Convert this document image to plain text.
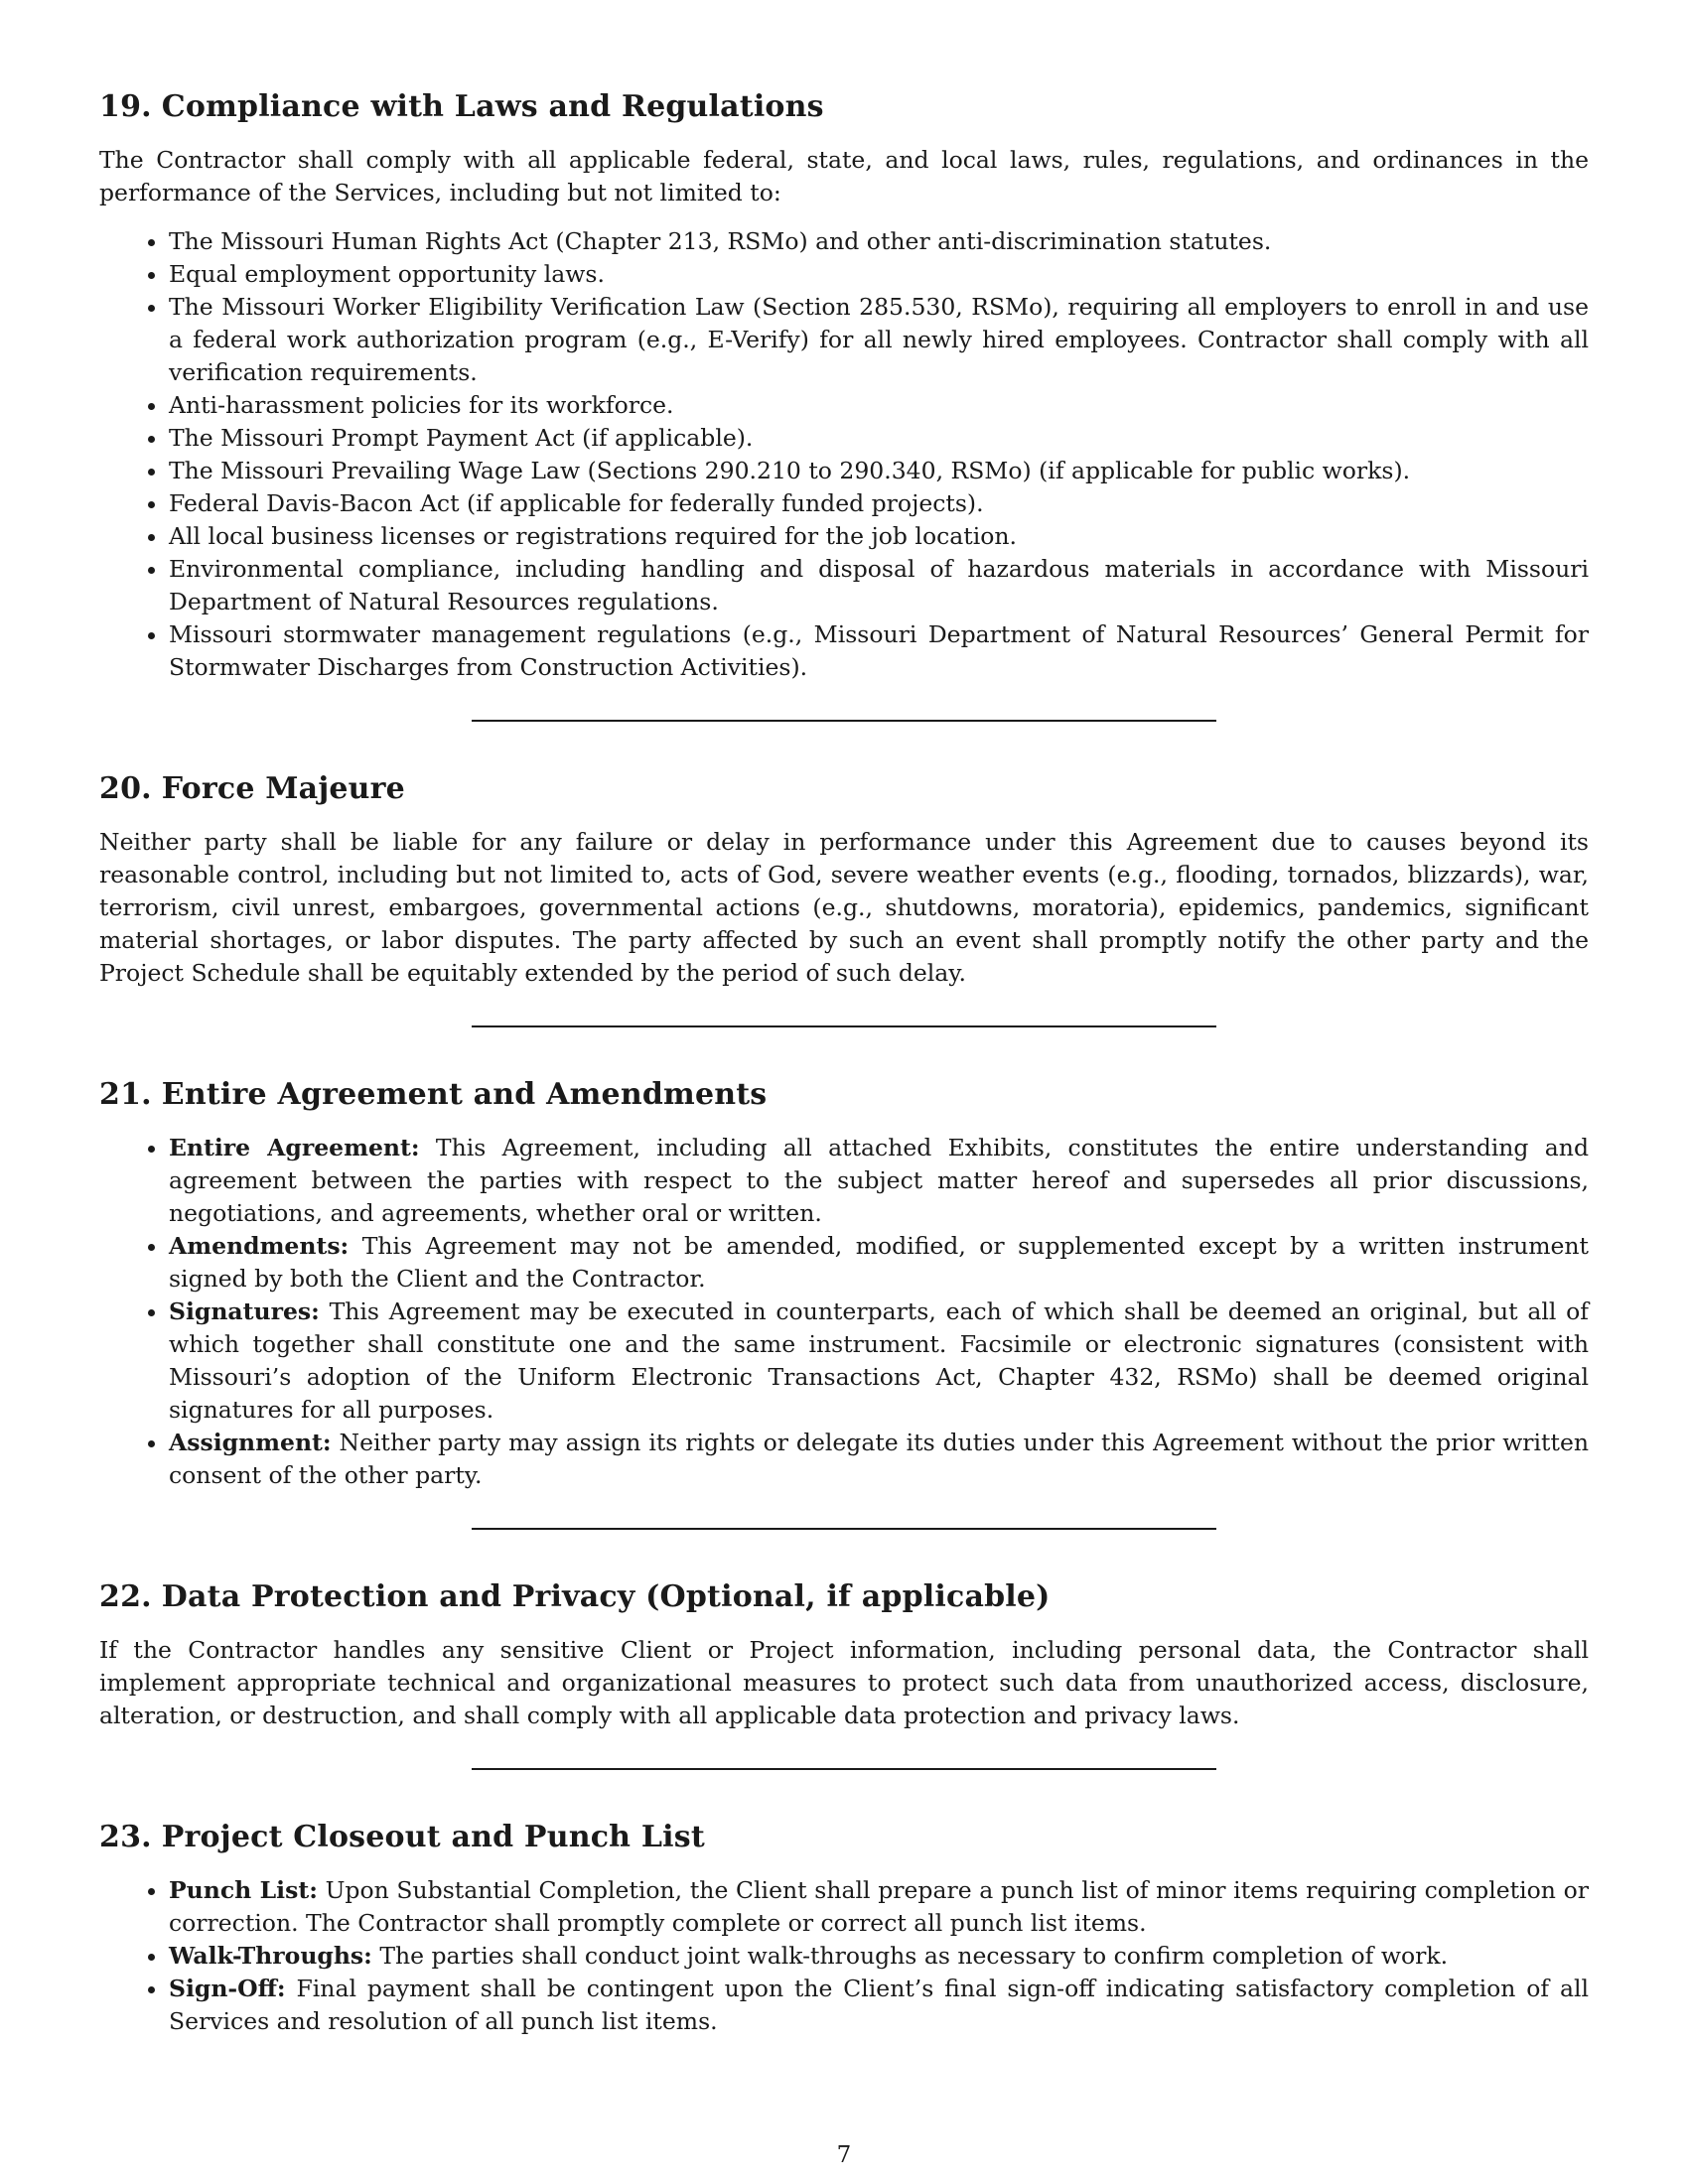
19. Compliance with Laws and Regulations

The Contractor shall comply with all applicable federal, state, and local laws, rules, regulations, and ordinances in the performance of the Services, including but not limited to:

• The Missouri Human Rights Act (Chapter 213, RSMo) and other anti-discrimination statutes.
• Equal employment opportunity laws.
• The Missouri Worker Eligibility Verification Law (Section 285.530, RSMo), requiring all employers to enroll in and use a federal work authorization program (e.g., E-Verify) for all newly hired employees. Contractor shall comply with all verification requirements.
• Anti-harassment policies for its workforce.
• The Missouri Prompt Payment Act (if applicable).
• The Missouri Prevailing Wage Law (Sections 290.210 to 290.340, RSMo) (if applicable for public works).
• Federal Davis-Bacon Act (if applicable for federally funded projects).
• All local business licenses or registrations required for the job location.
• Environmental compliance, including handling and disposal of hazardous materials in accordance with Missouri Department of Natural Resources regulations.
• Missouri stormwater management regulations (e.g., Missouri Department of Natural Resources’ General Permit for Stormwater Discharges from Construction Activities).
20. Force Majeure

Neither party shall be liable for any failure or delay in performance under this Agreement due to causes beyond its reasonable control, including but not limited to, acts of God, severe weather events (e.g., flooding, tornados, blizzards), war, terrorism, civil unrest, embargoes, governmental actions (e.g., shutdowns, moratoria), epidemics, pandemics, significant material shortages, or labor disputes. The party affected by such an event shall promptly notify the other party and the Project Schedule shall be equitably extended by the period of such delay.

21. Entire Agreement and Amendments
• Entire Agreement: This Agreement, including all attached Exhibits, constitutes the entire understanding and agreement between the parties with respect to the subject matter hereof and supersedes all prior discussions, negotiations, and agreements, whether oral or written.
• Amendments: This Agreement may not be amended, modified, or supplemented except by a written instrument signed by both the Client and the Contractor.
• Signatures: This Agreement may be executed in counterparts, each of which shall be deemed an original, but all of which together shall constitute one and the same instrument. Facsimile or electronic signatures (consistent with Missouri’s adoption of the Uniform Electronic Transactions Act, Chapter 432, RSMo) shall be deemed original signatures for all purposes.
• Assignment: Neither party may assign its rights or delegate its duties under this Agreement without the prior written consent of the other party.
22. Data Protection and Privacy (Optional, if applicable)

If the Contractor handles any sensitive Client or Project information, including personal data, the Contractor shall implement appropriate technical and organizational measures to protect such data from unauthorized access, disclosure, alteration, or destruction, and shall comply with all applicable data protection and privacy laws.

23. Project Closeout and Punch List
• Punch List: Upon Substantial Completion, the Client shall prepare a punch list of minor items requiring completion or correction. The Contractor shall promptly complete or correct all punch list items.
• Walk-Throughs: The parties shall conduct joint walk-throughs as necessary to confirm completion of work.
• Sign-Off: Final payment shall be contingent upon the Client’s final sign-off indicating satisfactory completion of all Services and resolution of all punch list items.
7
